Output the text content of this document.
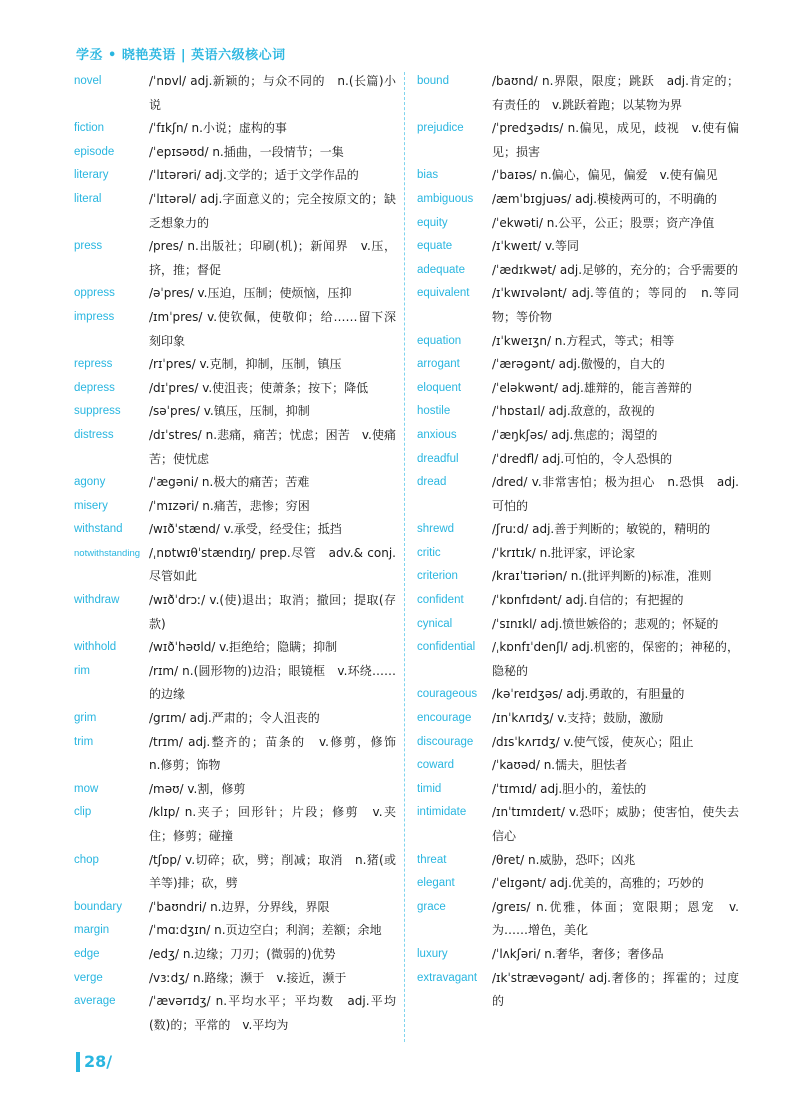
学丞 • 晓艳英语 | 英语六级核心词
novel	/ˈnɒvl/ adj.新颖的；与众不同的　n.(长篇)小说
fiction	/ˈfɪkʃn/ n.小说；虚构的事
episode	/ˈepɪsəʊd/ n.插曲，一段情节；一集
literary	/ˈlɪtərəri/ adj.文学的；适于文学作品的
literal	/ˈlɪtərəl/ adj.字面意义的；完全按原文的；缺乏想象力的
press	/pres/ n.出版社；印刷(机)；新闻界　v.压，挤，推；督促
oppress	/əˈpres/ v.压迫，压制；使烦恼，压抑
impress	/ɪmˈpres/ v.使钦佩，使敬仰；给……留下深刻印象
repress	/rɪˈpres/ v.克制，抑制，压制，镇压
depress	/dɪˈpres/ v.使沮丧；使萧条；按下；降低
suppress	/səˈpres/ v.镇压，压制，抑制
distress	/dɪˈstres/ n.悲痛，痛苦；忧虑；困苦　v.使痛苦；使忧虑
agony	/ˈægəni/ n.极大的痛苦；苦难
misery	/ˈmɪzəri/ n.痛苦，悲惨；穷困
withstand	/wɪðˈstænd/ v.承受，经受住；抵挡
notwithstanding /ˌnɒtwɪθˈstændɪŋ/ prep.尽管　adv.& conj.尽管如此
withdraw	/wɪðˈdrɔː/ v.(使)退出；取消；撤回；提取(存款)
withhold	/wɪðˈhəʊld/ v.拒绝给；隐瞒；抑制
rim	/rɪm/ n.(圆形物的)边沿；眼镜框　v.环绕……的边缘
grim	/grɪm/ adj.严肃的；令人沮丧的
trim	/trɪm/ adj.整齐的；苗条的　v.修剪，修饰　n.修剪；饰物
mow	/məʊ/ v.割，修剪
clip	/klɪp/ n.夹子；回形针；片段；修剪　v.夹住；修剪；碰撞
chop	/tʃɒp/ v.切碎；砍，劈；削减；取消　n.猪(或羊等)排；砍，劈
boundary	/ˈbaʊndri/ n.边界，分界线，界限
margin	/ˈmɑːdʒɪn/ n.页边空白；利润；差额；余地
edge	/edʒ/ n.边缘；刀刃；(微弱的)优势
verge	/vɜːdʒ/ n.路缘；濒于　v.接近，濒于
average	/ˈævərɪdʒ/ n.平均水平；平均数　adj.平均(数)的；平常的　v.平均为
bound	/baʊnd/ n.界限，限度；跳跃　adj.肯定的；有责任的　v.跳跃着跑；以某物为界
prejudice	/ˈpredʒədɪs/ n.偏见，成见，歧视　v.使有偏见；损害
bias	/ˈbaɪəs/ n.偏心，偏见，偏爱　v.使有偏见
ambiguous	/æmˈbɪgjuəs/ adj.模棱两可的，不明确的
equity	/ˈekwəti/ n.公平，公正；股票；资产净值
equate	/ɪˈkweɪt/ v.等同
adequate	/ˈædɪkwət/ adj.足够的，充分的；合乎需要的
equivalent	/ɪˈkwɪvələnt/ adj.等值的；等同的　n.等同物；等价物
equation	/ɪˈkweɪʒn/ n.方程式，等式；相等
arrogant	/ˈærəgənt/ adj.傲慢的，自大的
eloquent	/ˈeləkwənt/ adj.雄辩的，能言善辩的
hostile	/ˈhɒstaɪl/ adj.敌意的，敌视的
anxious	/ˈæŋkʃəs/ adj.焦虑的；渴望的
dreadful	/ˈdredfl/ adj.可怕的，令人恐惧的
dread	/dred/ v.非常害怕；极为担心　n.恐惧　adj.可怕的
shrewd	/ʃruːd/ adj.善于判断的；敏锐的，精明的
critic	/ˈkrɪtɪk/ n.批评家，评论家
criterion	/kraɪˈtɪəriən/ n.(批评判断的)标准，准则
confident	/ˈkɒnfɪdənt/ adj.自信的；有把握的
cynical	/ˈsɪnɪkl/ adj.愤世嫉俗的；悲观的；怀疑的
confidential	/ˌkɒnfɪˈdenʃl/ adj.机密的，保密的；神秘的，隐秘的
courageous	/kəˈreɪdʒəs/ adj.勇敢的，有胆量的
encourage	/ɪnˈkʌrɪdʒ/ v.支持；鼓励，激励
discourage	/dɪsˈkʌrɪdʒ/ v.使气馁，使灰心；阻止
coward	/ˈkaʊəd/ n.懦夫，胆怯者
timid	/ˈtɪmɪd/ adj.胆小的，羞怯的
intimidate	/ɪnˈtɪmɪdeɪt/ v.恐吓；威胁；使害怕，使失去信心
threat	/θret/ n.威胁，恐吓；凶兆
elegant	/ˈelɪgənt/ adj.优美的，高雅的；巧妙的
grace	/greɪs/ n.优雅，体面；宽限期；恩宠　v.为……增色，美化
luxury	/ˈlʌkʃəri/ n.奢华，奢侈；奢侈品
extravagant	/ɪkˈstrævəgənt/ adj.奢侈的；挥霍的；过度的
28/
